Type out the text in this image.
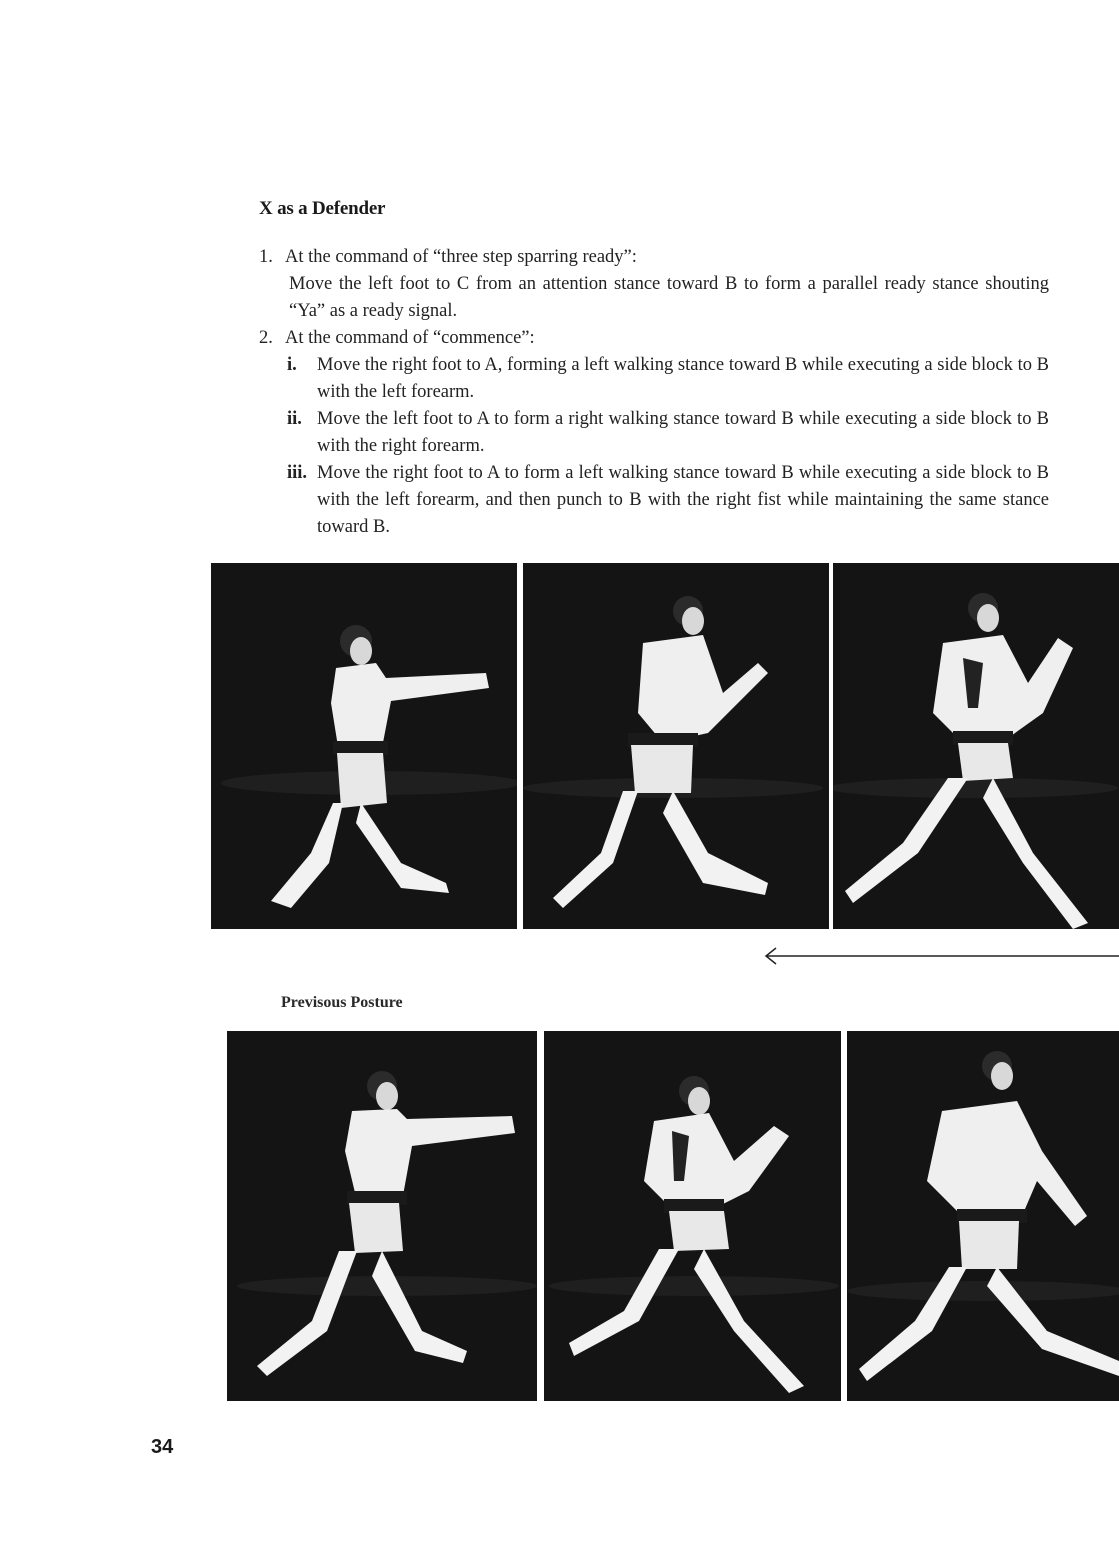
X as a Defender
1. At the command of “three step sparring ready”:
Move the left foot to C from an attention stance toward B to form a parallel ready stance shouting “Ya” as a ready signal.
2. At the command of “commence”:
i.	Move the right foot to A, forming a left walking stance toward B while executing a side block to B with the left forearm.
ii. Move the left foot to A to form a right walking stance toward B while executing a side block to B with the right forearm.
iii. Move the right foot to A to form a left walking stance toward B while executing a side block to B with the left forearm, and then punch to B with the right fist while maintaining the same stance toward B.
Previsous Posture
34
